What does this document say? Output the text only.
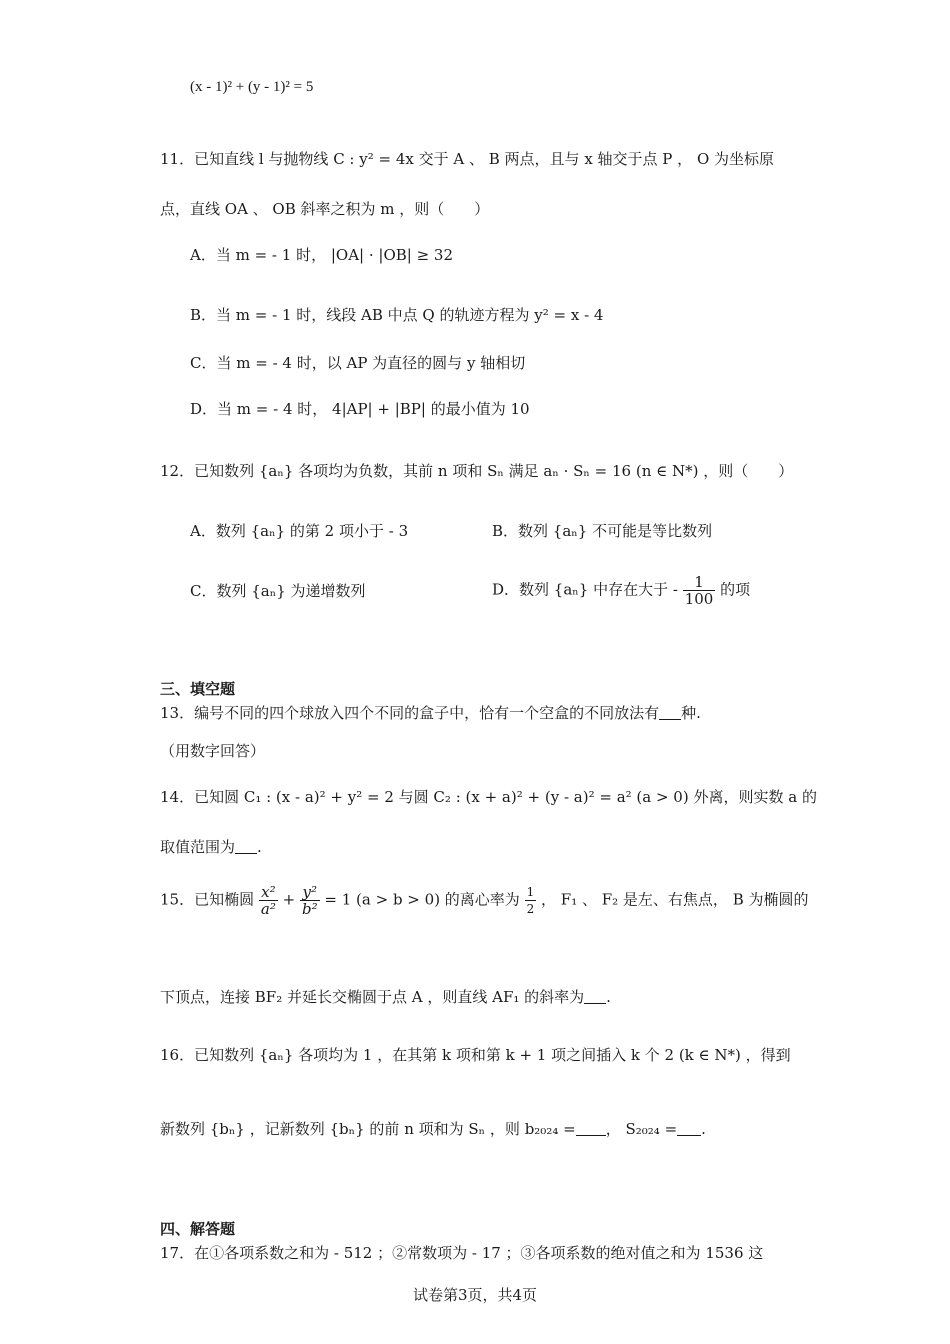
(x - 1)² + (y - 1)² = 5
11．已知直线 l 与抛物线 C : y² = 4x 交于 A 、 B 两点，且与 x 轴交于点 P ， O 为坐标原
点，直线 OA 、 OB 斜率之积为 m ，则（　　）
A．当 m = - 1 时， |OA| · |OB| ≥ 32
B．当 m = - 1 时，线段 AB 中点 Q 的轨迹方程为 y² = x - 4
C．当 m = - 4 时，以 AP 为直径的圆与 y 轴相切
D．当 m = - 4 时， 4|AP| + |BP| 的最小值为 10
12．已知数列 {aₙ} 各项均为负数，其前 n 项和 Sₙ 满足 aₙ · Sₙ = 16 (n ∈ N*) ，则（　　）
A．数列 {aₙ} 的第 2 项小于 - 3	B．数列 {aₙ} 不可能是等比数列
C．数列 {aₙ} 为递增数列	D．数列 {aₙ} 中存在大于 - $\frac{1}{100}$ 的项
三、填空题
13．编号不同的四个球放入四个不同的盒子中，恰有一个空盒的不同放法有 种.
（用数字回答）
14．已知圆 C₁ : (x - a)² + y² = 2 与圆 C₂ : (x + a)² + (y - a)² = a² (a > 0) 外离，则实数 a 的
取值范围为 .
15．已知椭圆 $\frac{\text{x²}}{\text{a²}} + \frac{\text{y²}}{\text{b²}} = 1$ (a > b > 0) 的离心率为 $\frac{1}{2}$ ， F₁ 、 F₂ 是左、右焦点， B 为椭圆的
下顶点，连接 BF₂ 并延长交椭圆于点 A ，则直线 AF₁ 的斜率为 .
16．已知数列 {aₙ} 各项均为 1 ，在其第 k 项和第 k + 1 项之间插入 k 个 2 (k ∈ N*) ，得到
新数列 {bₙ} ，记新数列 {bₙ} 的前 n 项和为 Sₙ ，则 b₂₀₂₄ = ， S₂₀₂₄ = .
四、解答题
17．在①各项系数之和为 - 512 ；②常数项为 - 17 ；③各项系数的绝对值之和为 1536 这
试卷第3页，共4页
